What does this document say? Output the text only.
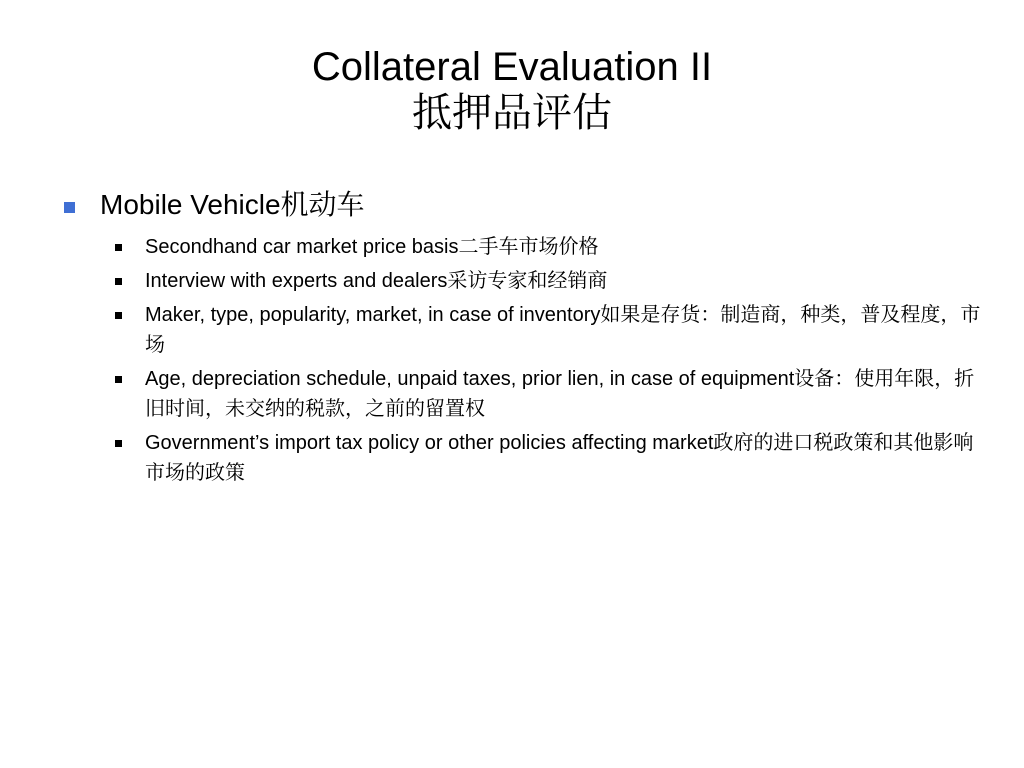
Collateral Evaluation II
抵押品评估
Mobile Vehicle机动车
Secondhand car market price basis二手车市场价格
Interview with experts and dealers采访专家和经销商
Maker, type, popularity, market, in case of inventory如果是存货：制造商，种类，普及程度，市场
Age, depreciation schedule, unpaid taxes, prior lien, in case of equipment设备：使用年限，折旧时间，未交纳的税款，之前的留置权
Government’s import tax policy or other policies affecting market政府的进口税政策和其他影响市场的政策
